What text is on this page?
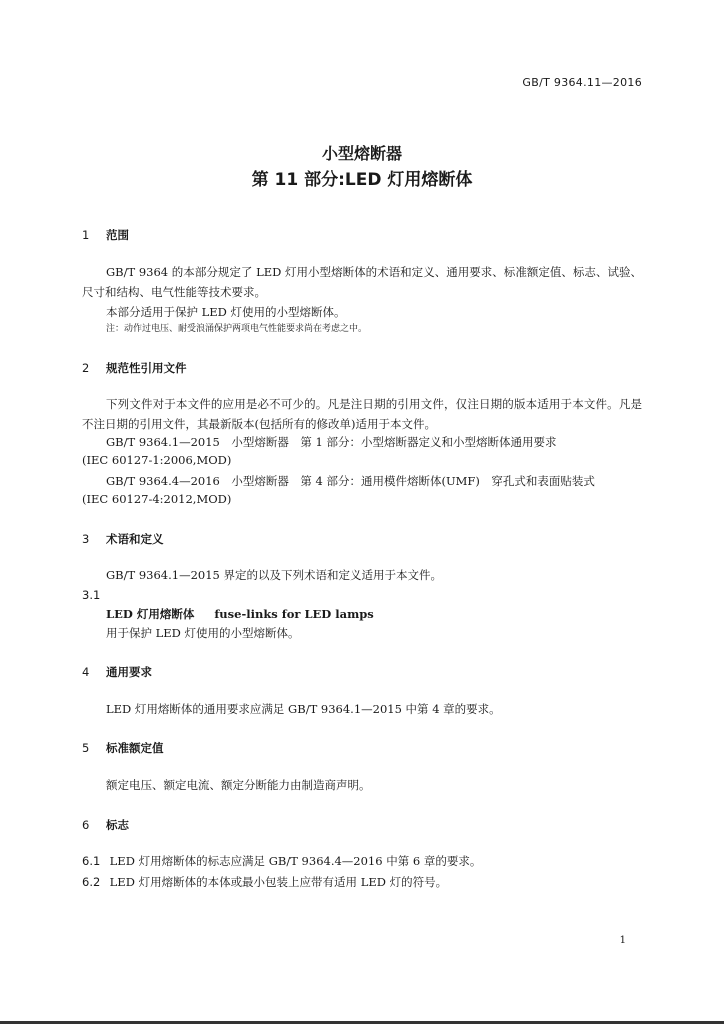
GB/T 9364.11—2016
小型熔断器
第 11 部分:LED 灯用熔断体
1 范围
GB/T 9364 的本部分规定了 LED 灯用小型熔断体的术语和定义、通用要求、标准额定值、标志、试验、尺寸和结构、电气性能等技术要求。
本部分适用于保护 LED 灯使用的小型熔断体。
注：动作过电压、耐受浪涌保护两项电气性能要求尚在考虑之中。
2 规范性引用文件
下列文件对于本文件的应用是必不可少的。凡是注日期的引用文件，仅注日期的版本适用于本文件。凡是不注日期的引用文件，其最新版本(包括所有的修改单)适用于本文件。
GB/T 9364.1—2015　小型熔断器　第 1 部分：小型熔断器定义和小型熔断体通用要求
(IEC 60127-1:2006,MOD)
GB/T 9364.4—2016　小型熔断器　第 4 部分：通用模件熔断体(UMF)　穿孔式和表面贴装式
(IEC 60127-4:2012,MOD)
3 术语和定义
GB/T 9364.1—2015 界定的以及下列术语和定义适用于本文件。
3.1
LED 灯用熔断体 fuse-links for LED lamps
用于保护 LED 灯使用的小型熔断体。
4 通用要求
LED 灯用熔断体的通用要求应满足 GB/T 9364.1—2015 中第 4 章的要求。
5 标准额定值
额定电压、额定电流、额定分断能力由制造商声明。
6 标志
6.1 LED 灯用熔断体的标志应满足 GB/T 9364.4—2016 中第 6 章的要求。
6.2 LED 灯用熔断体的本体或最小包装上应带有适用 LED 灯的符号。
1
